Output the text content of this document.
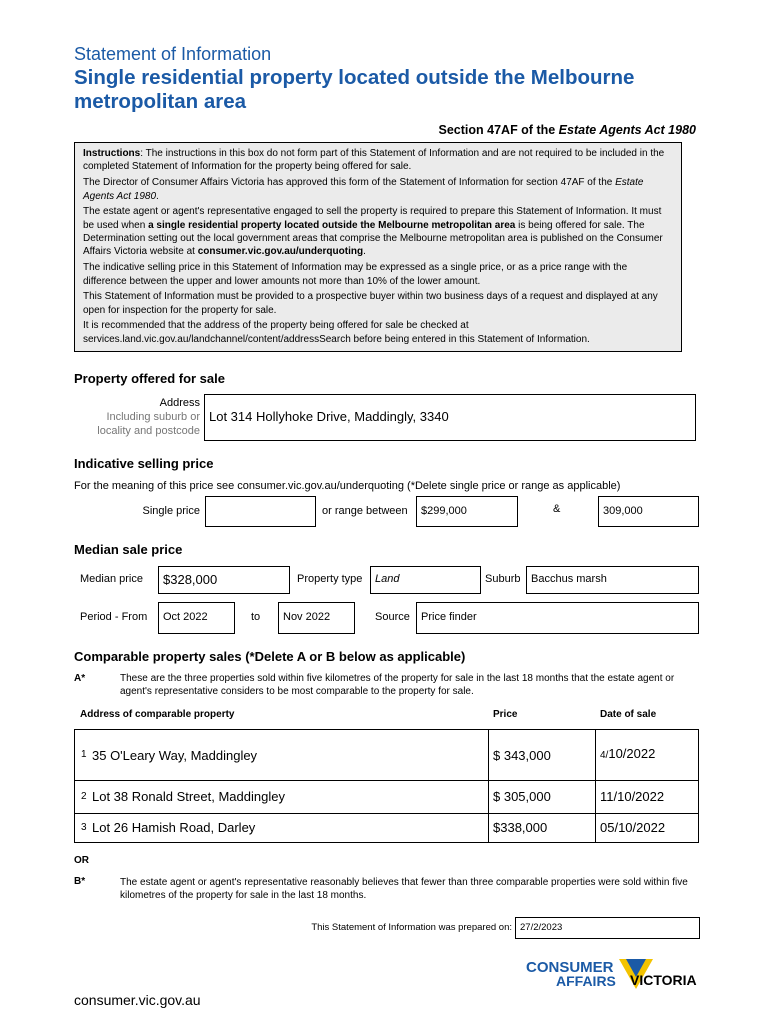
Statement of Information
Single residential property located outside the Melbourne metropolitan area
Section 47AF of the Estate Agents Act 1980

Instructions: The instructions in this box do not form part of this Statement of Information and are not required to be included in the completed Statement of Information for the property being offered for sale.

The Director of Consumer Affairs Victoria has approved this form of the Statement of Information for section 47AF of the Estate Agents Act 1980.

The estate agent or agent's representative engaged to sell the property is required to prepare this Statement of Information. It must be used when a single residential property located outside the Melbourne metropolitan area is being offered for sale. The Determination setting out the local government areas that comprise the Melbourne metropolitan area is published on the Consumer Affairs Victoria website at consumer.vic.gov.au/underquoting.

The indicative selling price in this Statement of Information may be expressed as a single price, or as a price range with the difference between the upper and lower amounts not more than 10% of the lower amount.

This Statement of Information must be provided to a prospective buyer within two business days of a request and displayed at any open for inspection for the property for sale.

It is recommended that the address of the property being offered for sale be checked at services.land.vic.gov.au/landchannel/content/addressSearch before being entered in this Statement of Information.

Property offered for sale
Address
Including suburb or
locality and postcode
Lot 314 Hollyhoke Drive, Maddingly, 3340
Indicative selling price
For the meaning of this price see consumer.vic.gov.au/underquoting (*Delete single price or range as applicable)
Single price	or range between	$299,000	&	309,000
Median sale price
Median price	$328,000	Property type	Land	Suburb Bacchus marsh
Period - From	Oct 2022	to	Nov 2022	Source	Price finder
Comparable property sales (*Delete A or B below as applicable)
A*	These are the three properties sold within five kilometres of the property for sale in the last 18 months that the estate agent or agent's representative considers to be most comparable to the property for sale.
Address of comparable property	Price	Date of sale
1 35 O'Leary Way, Maddingley	$ 343,000	4/10/2022
2 Lot 38 Ronald Street, Maddingley	$ 305,000	11/10/2022
3 Lot 26 Hamish Road, Darley	$338,000	05/10/2022
OR
B*	The estate agent or agent's representative reasonably believes that fewer than three comparable properties were sold within five kilometres of the property for sale in the last 18 months.
This Statement of Information was prepared on: 27/2/2023
CONSUMER
AFFAIRS VICTORIA
consumer.vic.gov.au
